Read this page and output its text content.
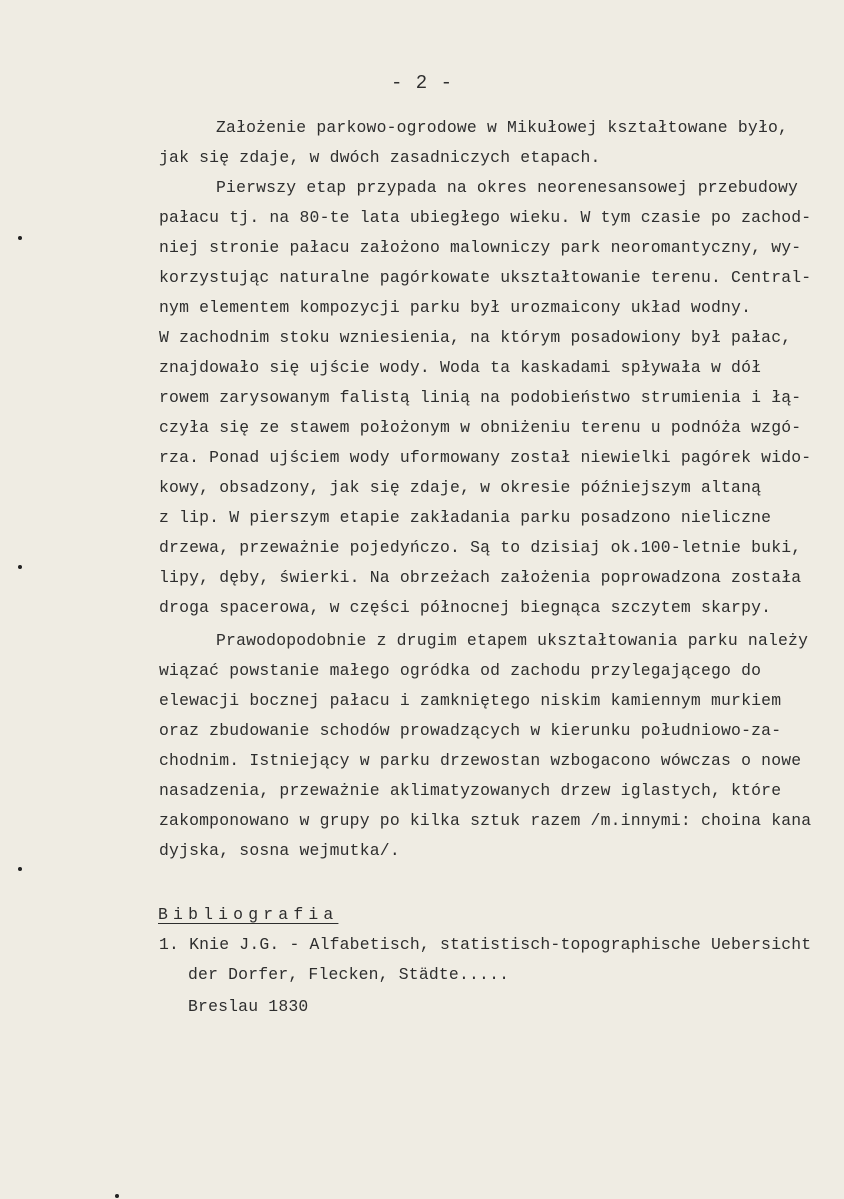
- 2 -
Założenie parkowo-ogrodowe w Mikułowej kształtowane było,
jak się zdaje, w dwóch zasadniczych etapach.
Pierwszy etap przypada na okres neorenesansowej przebudowy
pałacu tj. na 80-te lata ubiegłego wieku. W tym czasie po zachod-
niej stronie pałacu założono malowniczy park neoromantyczny, wy-
korzystując naturalne pagórkowate ukształtowanie terenu. Central-
nym elementem kompozycji parku był urozmaicony układ wodny.
W zachodnim stoku wzniesienia, na którym posadowiony był pałac,
znajdowało się ujście wody. Woda ta kaskadami spływała w dół
rowem zarysowanym falistą linią na podobieństwo strumienia i łą-
czyła się ze stawem położonym w obniżeniu terenu u podnóża wzgó-
rza. Ponad ujściem wody uformowany został niewielki pagórek wido-
kowy, obsadzony, jak się zdaje, w okresie późniejszym altaną
z lip. W pierszym etapie zakładania parku posadzono nieliczne
drzewa, przeważnie pojedyńczo. Są to dzisiaj ok.100-letnie buki,
lipy, dęby, świerki. Na obrzeżach założenia poprowadzona została
droga spacerowa, w części północnej biegnąca szczytem skarpy.
Prawodopodobnie z drugim etapem ukształtowania parku należy
wiązać powstanie małego ogródka od zachodu przylegającego do
elewacji bocznej pałacu i zamkniętego niskim kamiennym murkiem
oraz zbudowanie schodów prowadzących w kierunku południowo-za-
chodnim. Istniejący w parku drzewostan wzbogacono wówczas o nowe
nasadzenia, przeważnie aklimatyzowanych drzew iglastych, które
zakomponowano w grupy po kilka sztuk razem /m.innymi: choina kana
dyjska, sosna wejmutka/.
Bibliografia
1. Knie J.G. - Alfabetisch, statistisch-topographische Uebersicht
der Dorfer, Flecken, Städte.....
Breslau 1830
